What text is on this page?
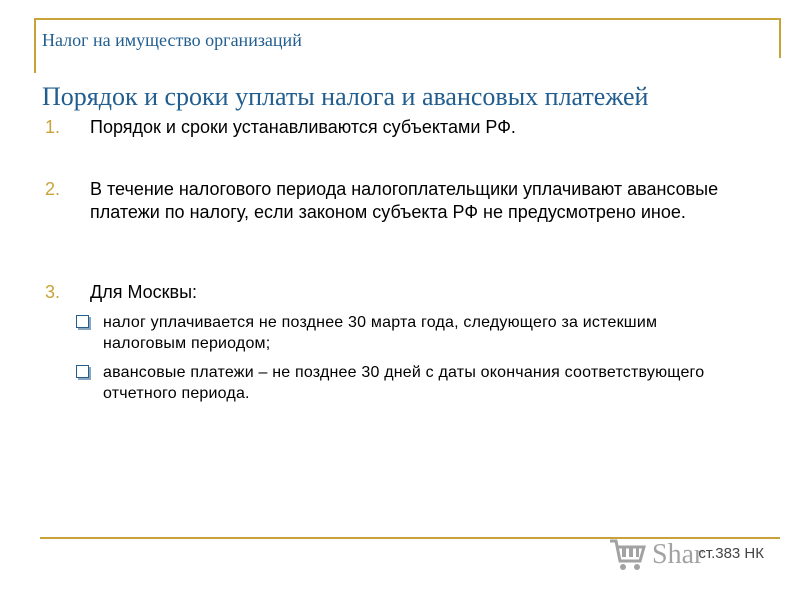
Налог на имущество организаций
Порядок и сроки уплаты налога и авансовых платежей
1. Порядок и сроки устанавливаются субъектами РФ.
2. В течение налогового периода налогоплательщики уплачивают авансовые платежи по налогу, если законом субъекта РФ не предусмотрено иное.
3. Для Москвы:
налог уплачивается не позднее 30 марта года, следующего за истекшим налоговым периодом;
авансовые платежи – не позднее 30 дней с даты окончания соответствующего отчетного периода.
Shar
ст.383 НК
